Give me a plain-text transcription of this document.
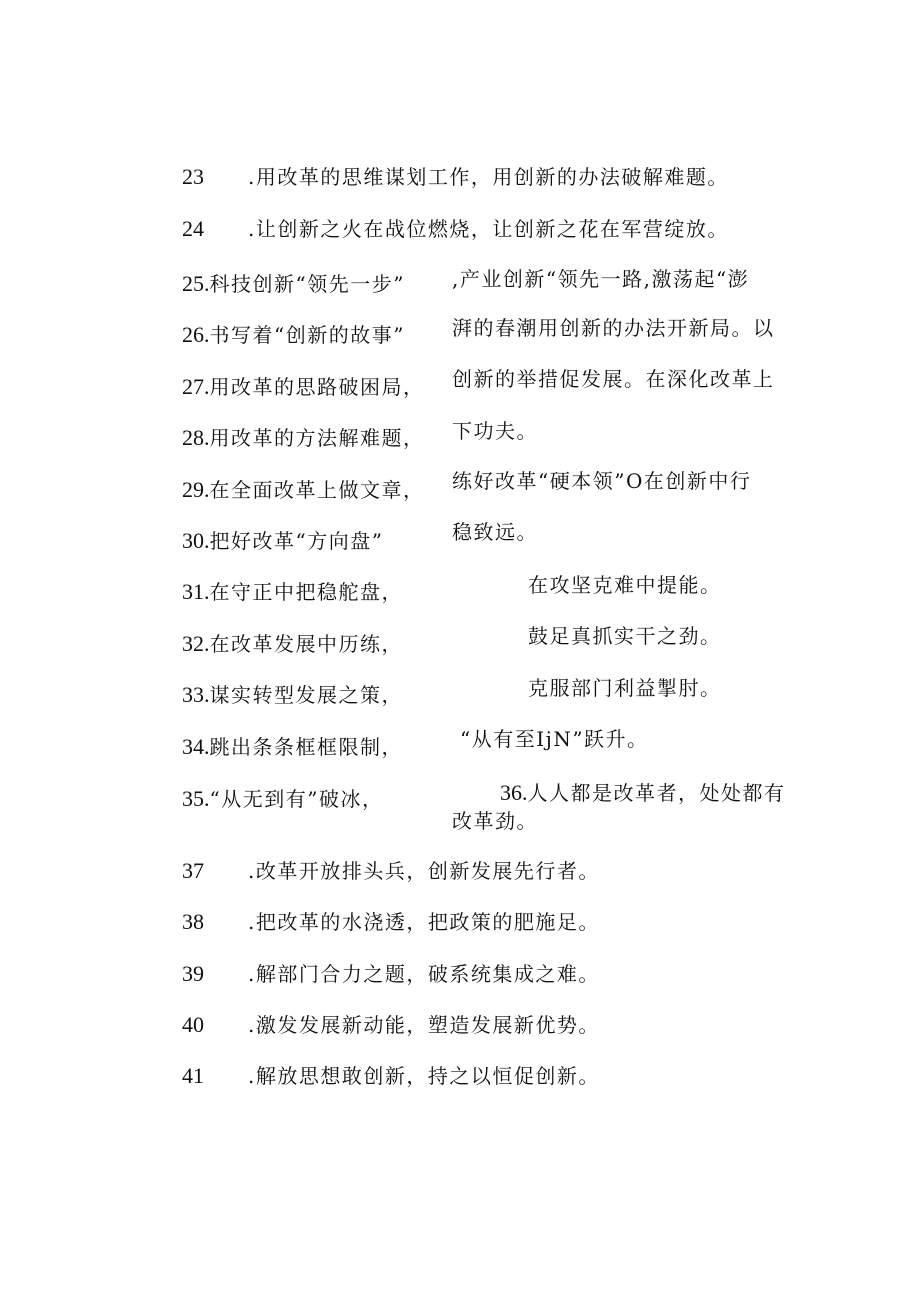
23 .用改革的思维谋划工作，用创新的办法破解难题。
24 .让创新之火在战位燃烧，让创新之花在军营绽放。
25.科技创新“领先一步”
26.书写着“创新的故事”
27.用改革的思路破困局，
28.用改革的方法解难题，
29.在全面改革上做文章，
30.把好改革“方向盘”
31.在守正中把稳舵盘，
32.在改革发展中历练，
33.谋实转型发展之策，
34.跳出条条框框限制，
35.“从无到有”破冰，
,产业创新“领先一路,激荡起“澎
湃的春潮用创新的办法开新局。以
创新的举措促发展。在深化改革上
下功夫。
练好改革“硬本领”O在创新中行
稳致远。
在攻坚克难中提能。
鼓足真抓实干之劲。
克服部门利益掣肘。
“从有至IjN”跃升。
36.人人都是改革者，处处都有
改革劲。
37 .改革开放排头兵，创新发展先行者。
38 .把改革的水浇透，把政策的肥施足。
39 .解部门合力之题，破系统集成之难。
40 .激发发展新动能，塑造发展新优势。
41 .解放思想敢创新，持之以恒促创新。
